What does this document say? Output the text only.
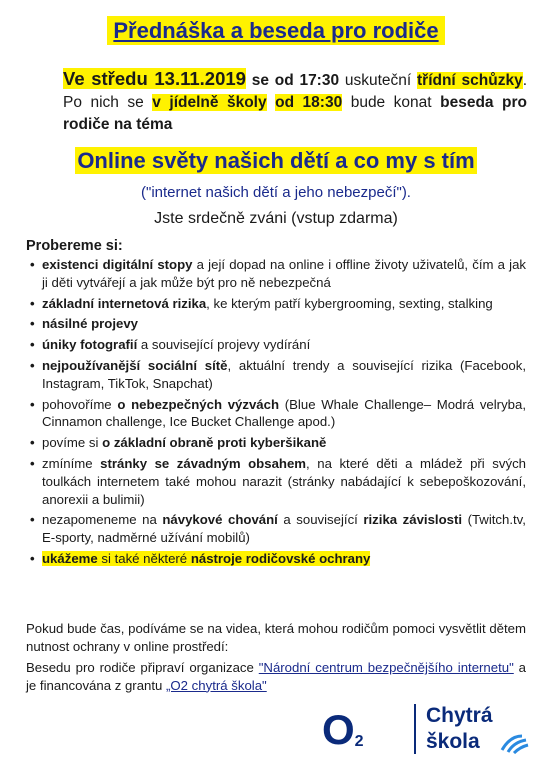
Přednáška a beseda pro rodiče
Ve středu 13.11.2019 se od 17:30 uskuteční třídní schůzky. Po nich se v jídelně školy od 18:30 bude konat beseda pro rodiče na téma
Online světy našich dětí a co my s tím
("internet našich dětí a jeho nebezpečí").
Jste srdečně zváni (vstup zdarma)
Probereme si:
• existenci digitální stopy a její dopad na online i offline životy uživatelů, čím a jak ji děti vytvářejí a jak může být pro ně nebezpečná
• základní internetová rizika, ke kterým patří kybergrooming, sexting, stalking
• násilné projevy
• úniky fotografií a související projevy vydírání
• nejpoužívanější sociální sítě, aktuální trendy a související rizika (Facebook, Instagram, TikTok, Snapchat)
• pohovoříme o nebezpečných výzvách (Blue Whale Challenge– Modrá velryba, Cinnamon challenge, Ice Bucket Challenge apod.)
• povíme si o základní obraně proti kyberšikaně
• zmíníme stránky se závadným obsahem, na které děti a mládež při svých toulkách internetem také mohou narazit (stránky nabádající k sebepoškozování, anorexii a bulimii)
• nezapomeneme na návykové chování a související rizika závislosti (Twitch.tv, E-sporty, nadměrné užívání mobilů)
• ukážeme si také některé nástroje rodičovské ochrany

Pokud bude čas, podíváme se na videa, která mohou rodičům pomoci vysvětlit dětem nutnost ochrany v online prostředí:

Besedu pro rodiče připraví organizace "Národní centrum bezpečnějšího internetu" a je financována z grantu „O2 chytrá škola"

$O_2$
Chytrá
škola
